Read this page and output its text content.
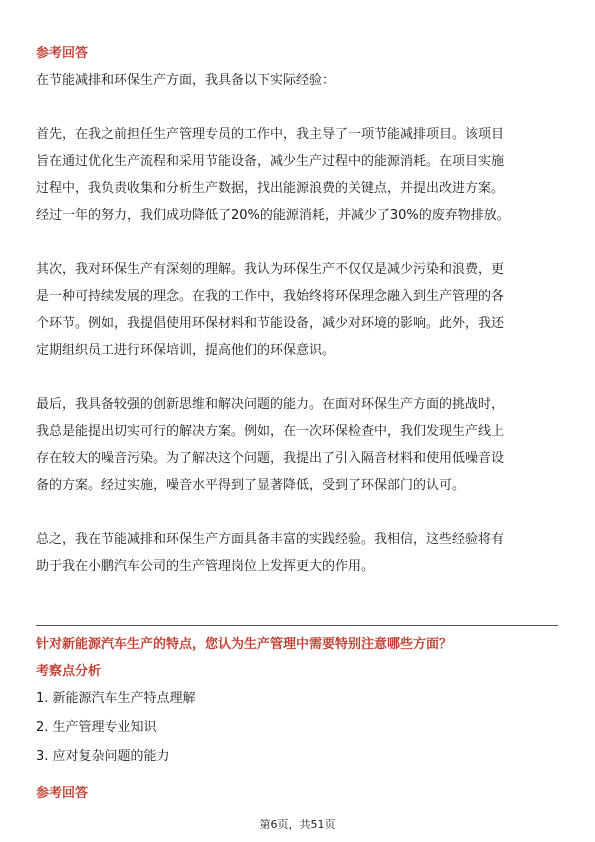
参考回答
在节能减排和环保生产方面，我具备以下实际经验：
首先，在我之前担任生产管理专员的工作中，我主导了一项节能减排项目。该项目
旨在通过优化生产流程和采用节能设备，减少生产过程中的能源消耗。在项目实施
过程中，我负责收集和分析生产数据，找出能源浪费的关键点，并提出改进方案。
经过一年的努力，我们成功降低了20%的能源消耗，并减少了30%的废弃物排放。
其次，我对环保生产有深刻的理解。我认为环保生产不仅仅是减少污染和浪费，更
是一种可持续发展的理念。在我的工作中，我始终将环保理念融入到生产管理的各
个环节。例如，我提倡使用环保材料和节能设备，减少对环境的影响。此外，我还
定期组织员工进行环保培训，提高他们的环保意识。
最后，我具备较强的创新思维和解决问题的能力。在面对环保生产方面的挑战时，
我总是能提出切实可行的解决方案。例如，在一次环保检查中，我们发现生产线上
存在较大的噪音污染。为了解决这个问题，我提出了引入隔音材料和使用低噪音设
备的方案。经过实施，噪音水平得到了显著降低，受到了环保部门的认可。
总之，我在节能减排和环保生产方面具备丰富的实践经验。我相信，这些经验将有
助于我在小鹏汽车公司的生产管理岗位上发挥更大的作用。
针对新能源汽车生产的特点，您认为生产管理中需要特别注意哪些方面？
考察点分析
1. 新能源汽车生产特点理解
2. 生产管理专业知识
3. 应对复杂问题的能力
参考回答
第6页，共51页
